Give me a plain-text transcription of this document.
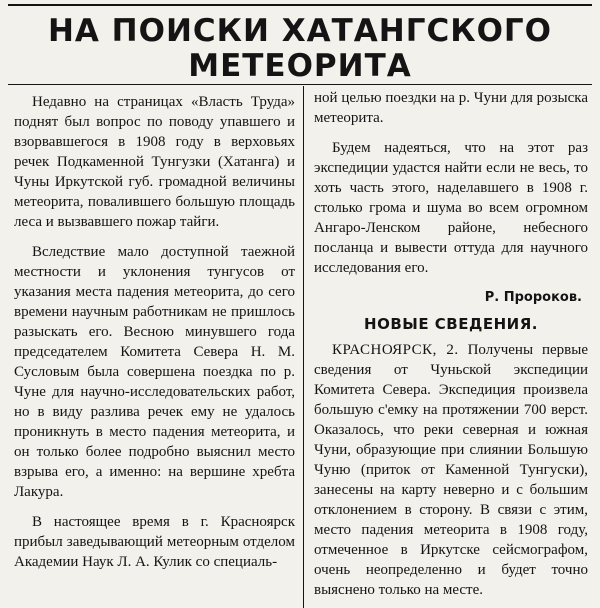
НА ПОИСКИ ХАТАНГСКОГО
МЕТЕОРИТА

Недавно на страницах «Власть Труда» поднят был вопрос по поводу упавшего и взорвавшегося в 1908 году в верховьях речек Подкаменной Тунгузки (Хатанга) и Чуны Иркутской губ. громадной величины метеорита, повалившего большую площадь леса и вызвавшего пожар тайги.

Вследствие мало доступной таежной местности и уклонения тунгусов от указания места падения метеорита, до сего времени научным работникам не пришлось разыскать его. Весною минувшего года председателем Комитета Севера Н. М. Сусловым была совершена поездка по р. Чуне для научно-исследовательских работ, но в виду разлива речек ему не удалось проникнуть в место падения метеорита, и он только более подробно выяснил место взрыва его, а именно: на вершине хребта Лакура.

В настоящее время в г. Красноярск прибыл заведывающий метеорным отделом Академии Наук Л. А. Кулик со специаль-

ной целью поездки на р. Чуни для розыска метеорита.

Будем надеяться, что на этот раз экспедиции удастся найти если не весь, то хоть часть этого, наделавшего в 1908 г. столько грома и шума во всем огромном Ангаро-Ленском районе, небесного посланца и вывести оттуда для научного исследования его.

Р. Пророков.
НОВЫЕ СВЕДЕНИЯ.

КРАСНОЯРСК, 2. Получены первые сведения от Чуньской экспедиции Комитета Севера. Экспедиция произвела большую с'емку на протяжении 700 верст. Оказалось, что реки северная и южная Чуни, образующие при слиянии Большую Чуню (приток от Каменной Тунгуски), занесены на карту неверно и с большим отклонением в сторону. В связи с этим, место падения метеорита в 1908 году, отмеченное в Иркутске сейсмографом, очень неопределенно и будет точно выяснено только на месте.
